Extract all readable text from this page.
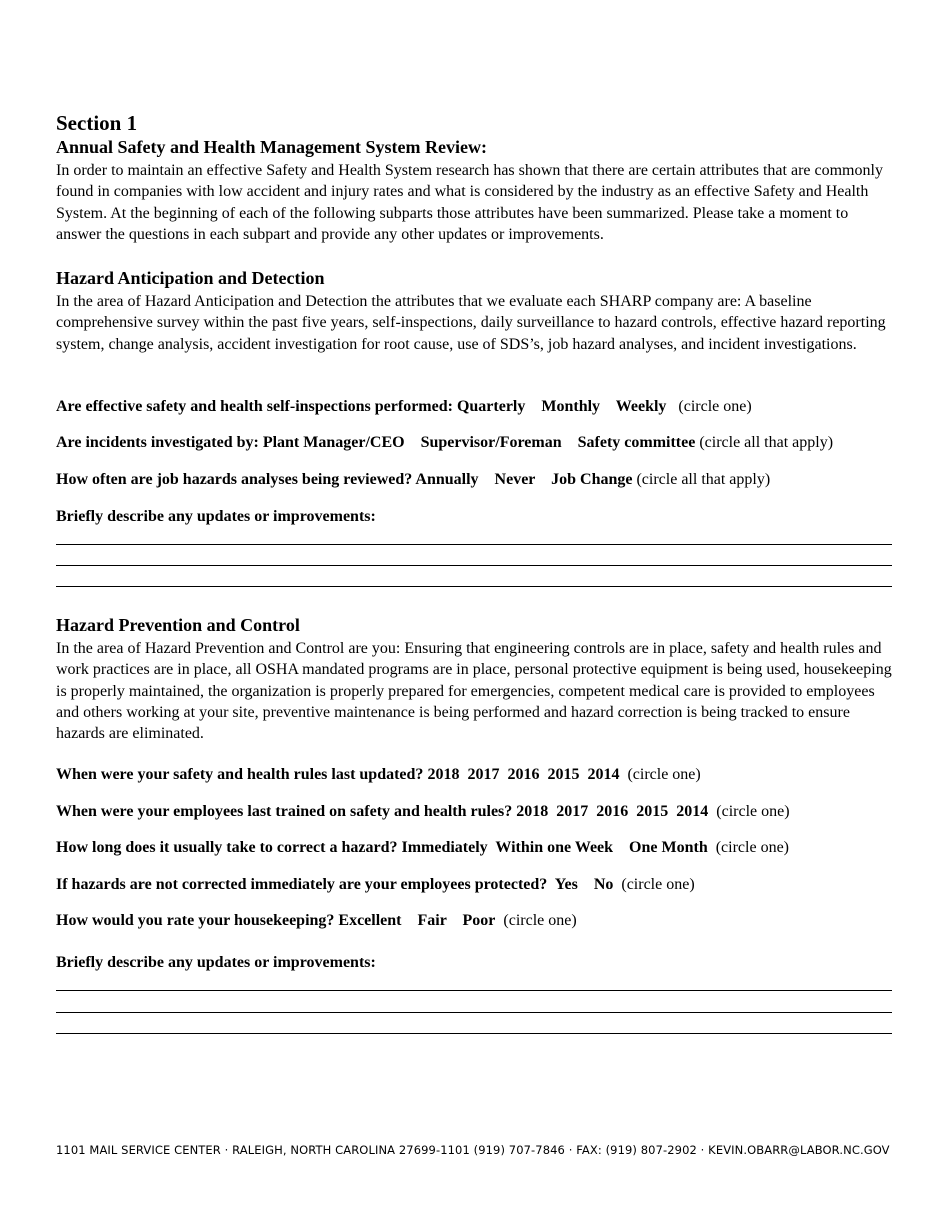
Section 1
Annual Safety and Health Management System Review:

In order to maintain an effective Safety and Health System research has shown that there are certain attributes that are commonly found in companies with low accident and injury rates and what is considered by the industry as an effective Safety and Health System. At the beginning of each of the following subparts those attributes have been summarized. Please take a moment to answer the questions in each subpart and provide any other updates or improvements.

Hazard Anticipation and Detection

In the area of Hazard Anticipation and Detection the attributes that we evaluate each SHARP company are: A baseline comprehensive survey within the past five years, self-inspections, daily surveillance to hazard controls, effective hazard reporting system, change analysis, accident investigation for root cause, use of SDS’s, job hazard analyses, and incident investigations.

Are effective safety and health self-inspections performed: Quarterly    Monthly    Weekly   (circle one)

Are incidents investigated by: Plant Manager/CEO    Supervisor/Foreman    Safety committee (circle all that apply)

How often are job hazards analyses being reviewed? Annually    Never    Job Change (circle all that apply)

Briefly describe any updates or improvements:

Hazard Prevention and Control

In the area of Hazard Prevention and Control are you: Ensuring that engineering controls are in place, safety and health rules and work practices are in place, all OSHA mandated programs are in place, personal protective equipment is being used, housekeeping is properly maintained, the organization is properly prepared for emergencies, competent medical care is provided to employees and others working at your site, preventive maintenance is being performed and hazard correction is being tracked to ensure hazards are eliminated.

When were your safety and health rules last updated? 2018  2017  2016  2015  2014  (circle one)

When were your employees last trained on safety and health rules? 2018  2017  2016  2015  2014  (circle one)

How long does it usually take to correct a hazard? Immediately  Within one Week    One Month  (circle one)

If hazards are not corrected immediately are your employees protected?  Yes    No  (circle one)

How would you rate your housekeeping? Excellent    Fair    Poor  (circle one)

Briefly describe any updates or improvements:

1101 MAIL SERVICE CENTER · RALEIGH, NORTH CAROLINA 27699-1101 (919) 707-7846 · FAX: (919) 807-2902 · KEVIN.OBARR@LABOR.NC.GOV
